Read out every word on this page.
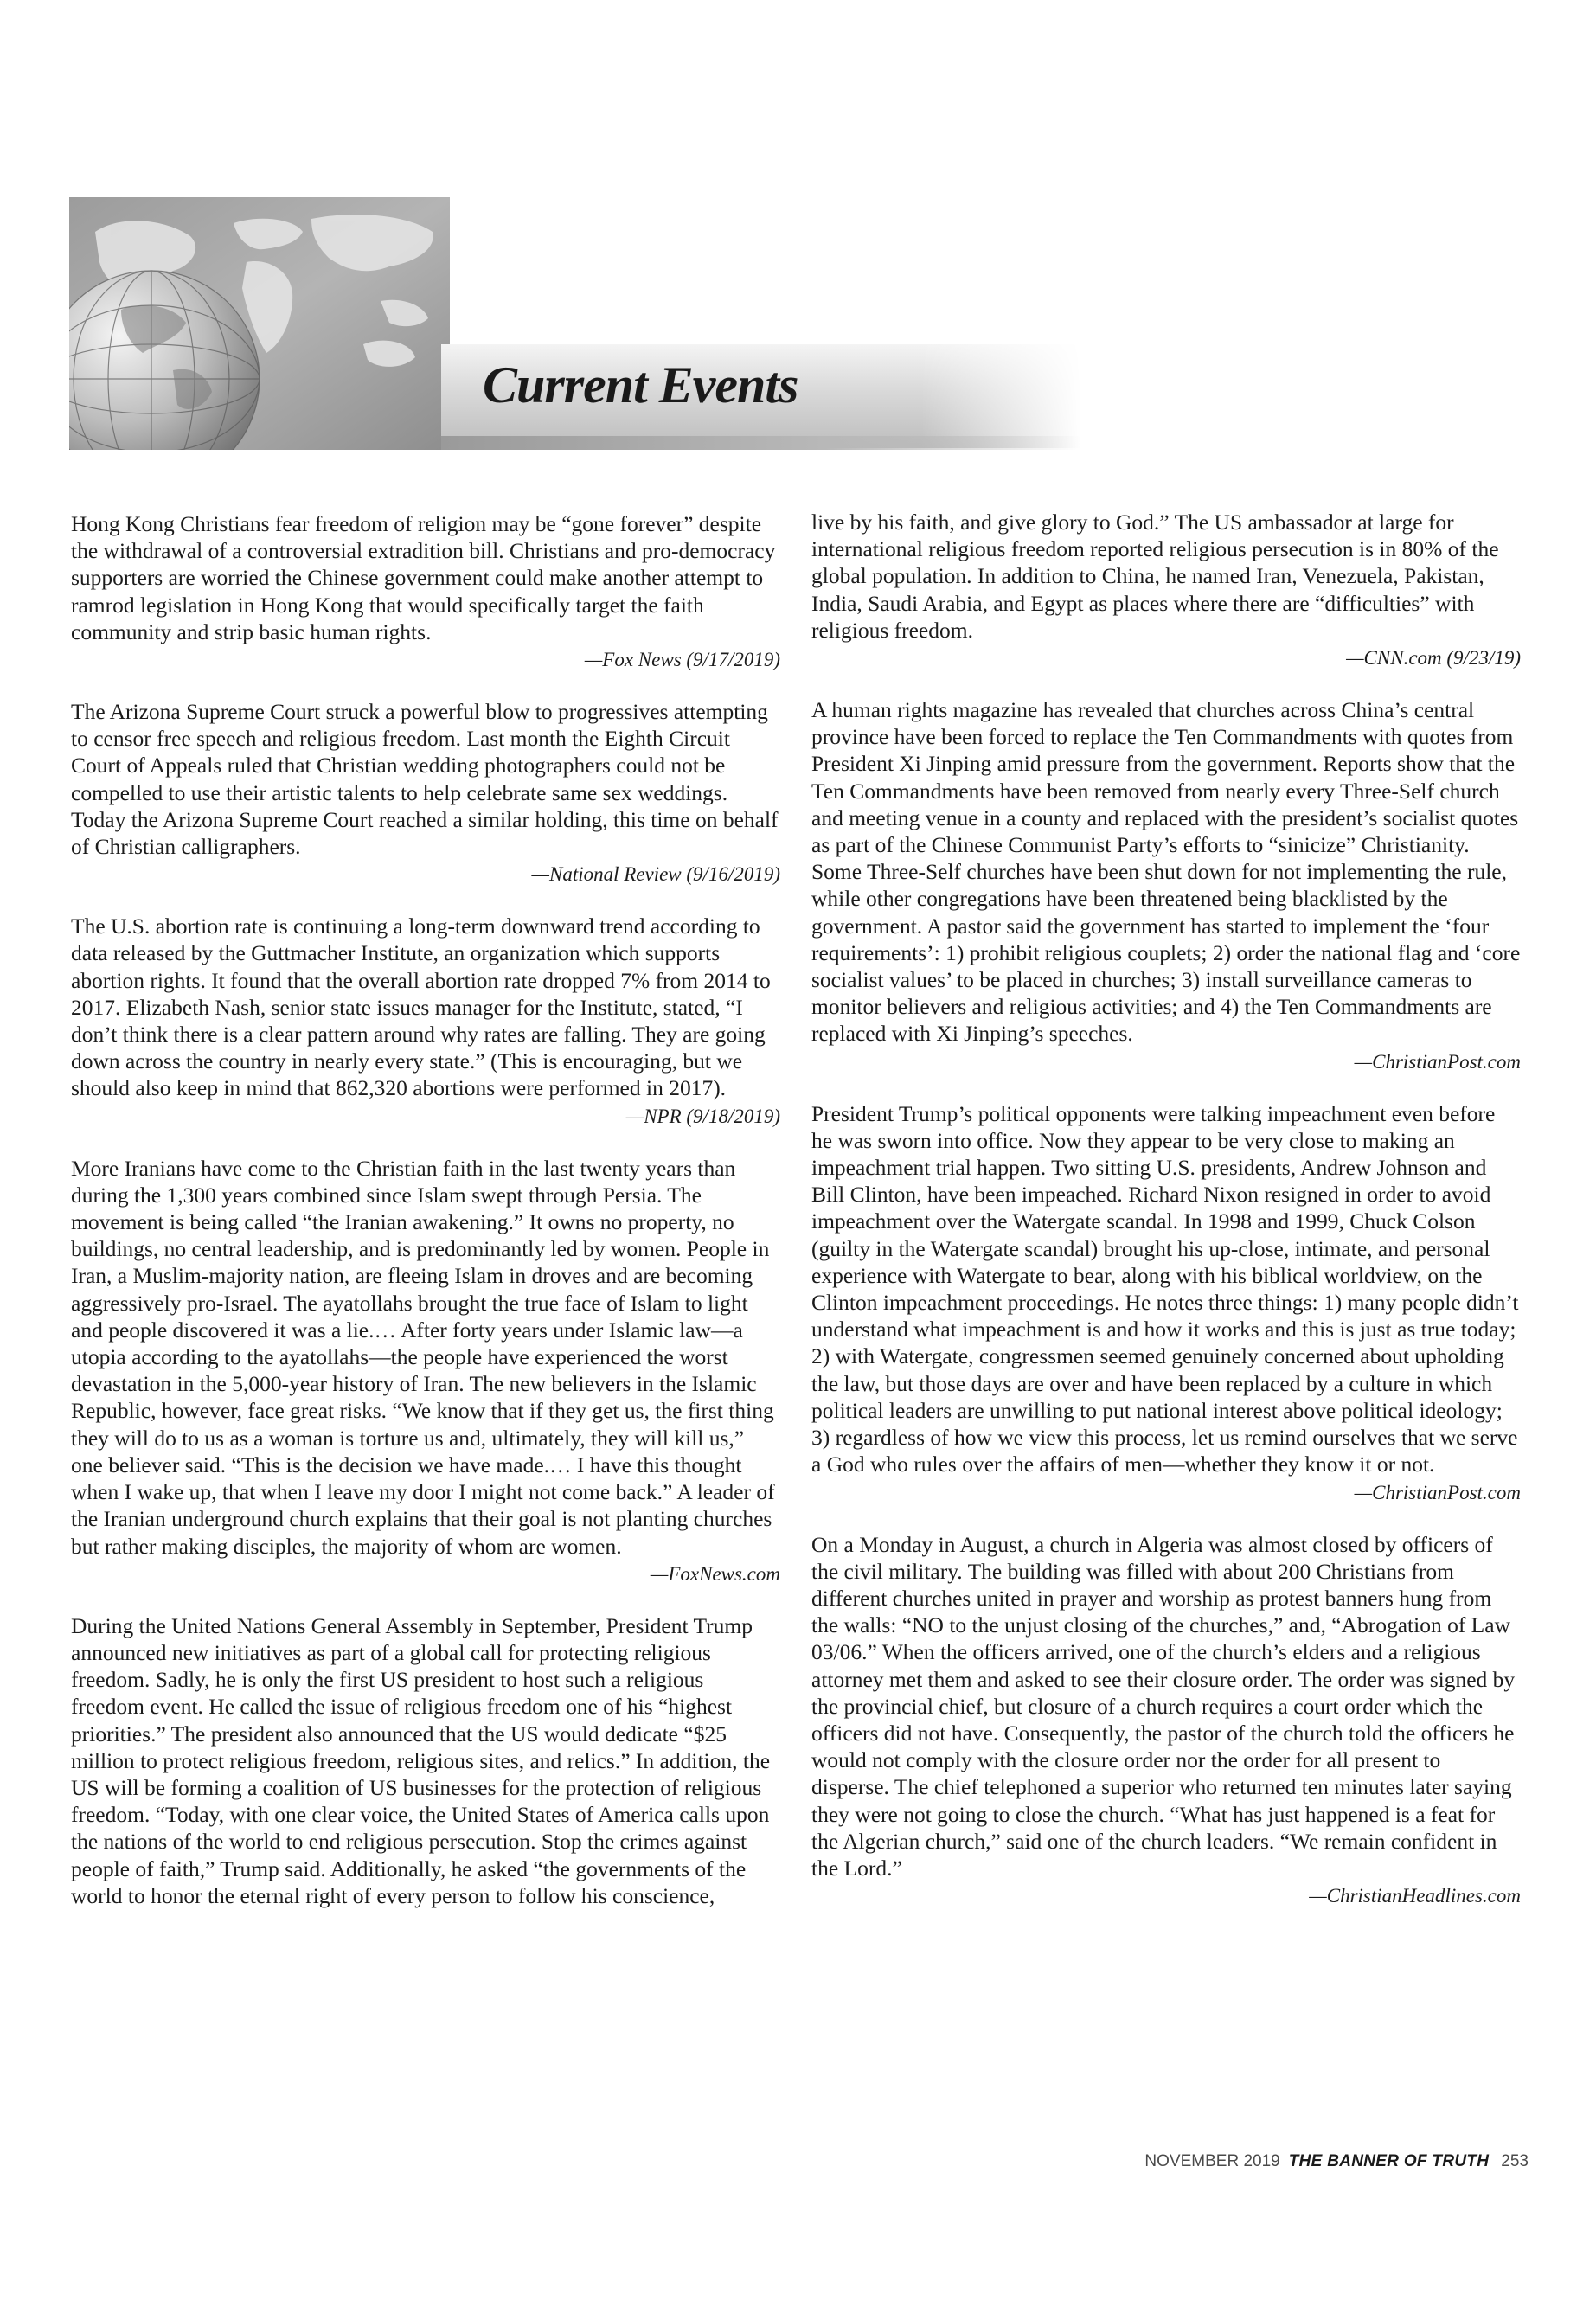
Current Events

Hong Kong Christians fear freedom of religion may be “gone forever” despite the withdrawal of a controversial extradition bill. Christians and pro-democracy supporters are worried the Chinese government could make another attempt to ramrod legislation in Hong Kong that would specifically target the faith community and strip basic human rights.

—Fox News (9/17/2019)

The Arizona Supreme Court struck a powerful blow to progressives attempting to censor free speech and religious freedom. Last month the Eighth Circuit Court of Appeals ruled that Christian wedding photographers could not be compelled to use their artistic talents to help celebrate same sex weddings. Today the Arizona Supreme Court reached a similar holding, this time on behalf of Christian calligraphers.

—National Review (9/16/2019)

The U.S. abortion rate is continuing a long-term downward trend according to data released by the Guttmacher Institute, an organization which supports abortion rights. It found that the overall abortion rate dropped 7% from 2014 to 2017. Elizabeth Nash, senior state issues manager for the Institute, stated, “I don’t think there is a clear pattern around why rates are falling. They are going down across the country in nearly every state.” (This is encouraging, but we should also keep in mind that 862,320 abortions were performed in 2017).

—NPR (9/18/2019)

More Iranians have come to the Christian faith in the last twenty years than during the 1,300 years combined since Islam swept through Persia. The movement is being called “the Iranian awakening.” It owns no property, no buildings, no central leadership, and is predominantly led by women. People in Iran, a Muslim-majority nation, are fleeing Islam in droves and are becoming aggressively pro-Israel. The ayatollahs brought the true face of Islam to light and people discovered it was a lie.… After forty years under Islamic law—a utopia according to the ayatollahs—the people have experienced the worst devastation in the 5,000-year history of Iran. The new believers in the Islamic Republic, however, face great risks. “We know that if they get us, the first thing they will do to us as a woman is torture us and, ultimately, they will kill us,” one believer said. “This is the decision we have made.… I have this thought when I wake up, that when I leave my door I might not come back.” A leader of the Iranian underground church explains that their goal is not planting churches but rather making disciples, the majority of whom are women.

—FoxNews.com

During the United Nations General Assembly in September, President Trump announced new initiatives as part of a global call for protecting religious freedom. Sadly, he is only the first US president to host such a religious freedom event. He called the issue of religious freedom one of his “highest priorities.” The president also announced that the US would dedicate “$25 million to protect religious freedom, religious sites, and relics.” In addition, the US will be forming a coalition of US businesses for the protection of religious freedom. “Today, with one clear voice, the United States of America calls upon the nations of the world to end religious persecution. Stop the crimes against people of faith,” Trump said. Additionally, he asked “the governments of the world to honor the eternal right of every person to follow his conscience,

live by his faith, and give glory to God.” The US ambassador at large for international religious freedom reported religious persecution is in 80% of the global population. In addition to China, he named Iran, Venezuela, Pakistan, India, Saudi Arabia, and Egypt as places where there are “difficulties” with religious freedom.

—CNN.com (9/23/19)

A human rights magazine has revealed that churches across China’s central province have been forced to replace the Ten Commandments with quotes from President Xi Jinping amid pressure from the government. Reports show that the Ten Commandments have been removed from nearly every Three-Self church and meeting venue in a county and replaced with the president’s socialist quotes as part of the Chinese Communist Party’s efforts to “sinicize” Christianity. Some Three-Self churches have been shut down for not implementing the rule, while other congregations have been threatened being blacklisted by the government. A pastor said the government has started to implement the ‘four requirements’: 1) prohibit religious couplets; 2) order the national flag and ‘core socialist values’ to be placed in churches; 3) install surveillance cameras to monitor believers and religious activities; and 4) the Ten Commandments are replaced with Xi Jinping’s speeches.

—ChristianPost.com

President Trump’s political opponents were talking impeachment even before he was sworn into office. Now they appear to be very close to making an impeachment trial happen. Two sitting U.S. presidents, Andrew Johnson and Bill Clinton, have been impeached. Richard Nixon resigned in order to avoid impeachment over the Watergate scandal. In 1998 and 1999, Chuck Colson (guilty in the Watergate scandal) brought his up-close, intimate, and personal experience with Watergate to bear, along with his biblical worldview, on the Clinton impeachment proceedings. He notes three things: 1) many people didn’t understand what impeachment is and how it works and this is just as true today; 2) with Watergate, congressmen seemed genuinely concerned about upholding the law, but those days are over and have been replaced by a culture in which political leaders are unwilling to put national interest above political ideology; 3) regardless of how we view this process, let us remind ourselves that we serve a God who rules over the affairs of men—whether they know it or not.

—ChristianPost.com

On a Monday in August, a church in Algeria was almost closed by officers of the civil military. The building was filled with about 200 Christians from different churches united in prayer and worship as protest banners hung from the walls: “NO to the unjust closing of the churches,” and, “Abrogation of Law 03/06.” When the officers arrived, one of the church’s elders and a religious attorney met them and asked to see their closure order. The order was signed by the provincial chief, but closure of a church requires a court order which the officers did not have. Consequently, the pastor of the church told the officers he would not comply with the closure order nor the order for all present to disperse. The chief telephoned a superior who returned ten minutes later saying they were not going to close the church. “What has just happened is a feat for the Algerian church,” said one of the church leaders. “We remain confident in the Lord.”

—ChristianHeadlines.com
NOVEMBER 2019 THE BANNER OF TRUTH 253
